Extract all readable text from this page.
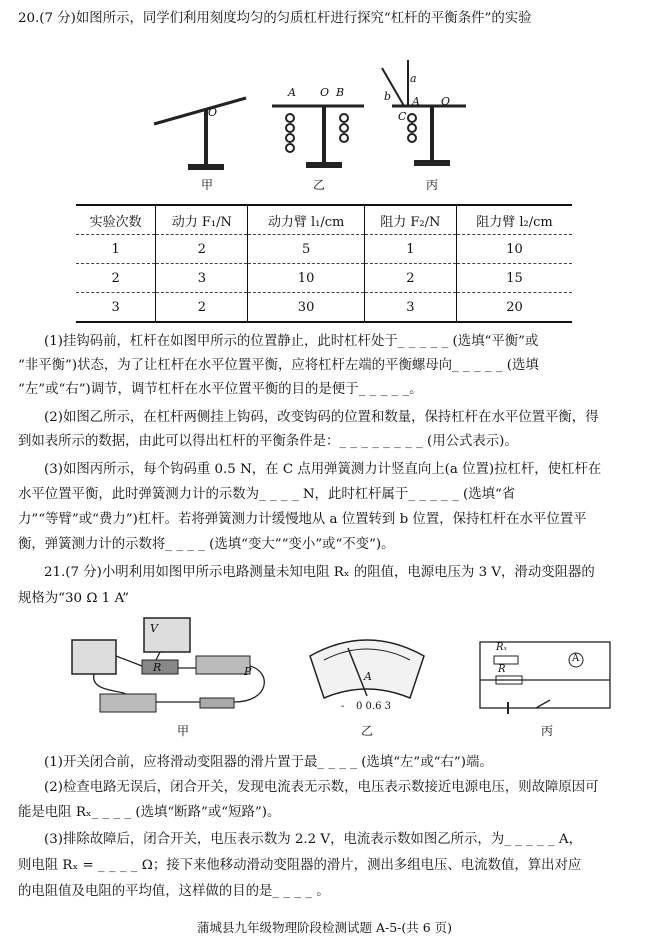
20.(7 分)如图所示，同学们利用刻度均匀的匀质杠杆进行探究“杠杆的平衡条件”的实验
甲
O
乙
A O B
丙
a
b A O
C
实验次数	动力 F₁/N	动力臂 l₁/cm	阻力 F₂/N	阻力臂 l₂/cm
1	2	5	1	10
2	3	10	2	15
3	2	30	3	20
(1)挂钩码前，杠杆在如图甲所示的位置静止，此时杠杆处于_ _ _ _ _ (选填“平衡”或
“非平衡”)状态，为了让杠杆在水平位置平衡，应将杠杆左端的平衡螺母向_ _ _ _ _ (选填
“左”或“右”)调节，调节杠杆在水平位置平衡的目的是便于_ _ _ _ _。
(2)如图乙所示，在杠杆两侧挂上钩码，改变钩码的位置和数量，保持杠杆在水平位置平衡，得
到如表所示的数据，由此可以得出杠杆的平衡条件是：_ _ _ _ _ _ _ _ (用公式表示)。
(3)如图丙所示，每个钩码重 0.5 N，在 C 点用弹簧测力计竖直向上(a 位置)拉杠杆，使杠杆在
水平位置平衡，此时弹簧测力计的示数为_ _ _ _ N，此时杠杆属于_ _ _ _ _ (选填“省
力”“等臂”或“费力”)杠杆。若将弹簧测力计缓慢地从 a 位置转到 b 位置，保持杠杆在水平位置平
衡，弹簧测力计的示数将_ _ _ _ (选填“变大”“变小”或“不变”)。
21.(7 分)小明利用如图甲所示电路测量未知电阻 Rₓ 的阻值，电源电压为 3 V，滑动变阻器的
规格为“30 Ω 1 A”
V
R	P
甲
A
0 0.6 3
-
乙
Rₓ
A
R
丙
(1)开关闭合前，应将滑动变阻器的滑片置于最_ _ _ _ (选填“左”或“右”)端。
(2)检查电路无误后，闭合开关，发现电流表无示数，电压表示数接近电源电压，则故障原因可
能是电阻 Rₓ_ _ _ _ (选填“断路”或“短路”)。
(3)排除故障后，闭合开关，电压表示数为 2.2 V，电流表示数如图乙所示，为_ _ _ _ _ A，
则电阻 Rₓ = _ _ _ _ Ω；接下来他移动滑动变阻器的滑片，测出多组电压、电流数值，算出对应
的电阻值及电阻的平均值，这样做的目的是_ _ _ _ 。
蒲城县九年级物理阶段检测试题 A-5-(共 6 页)
